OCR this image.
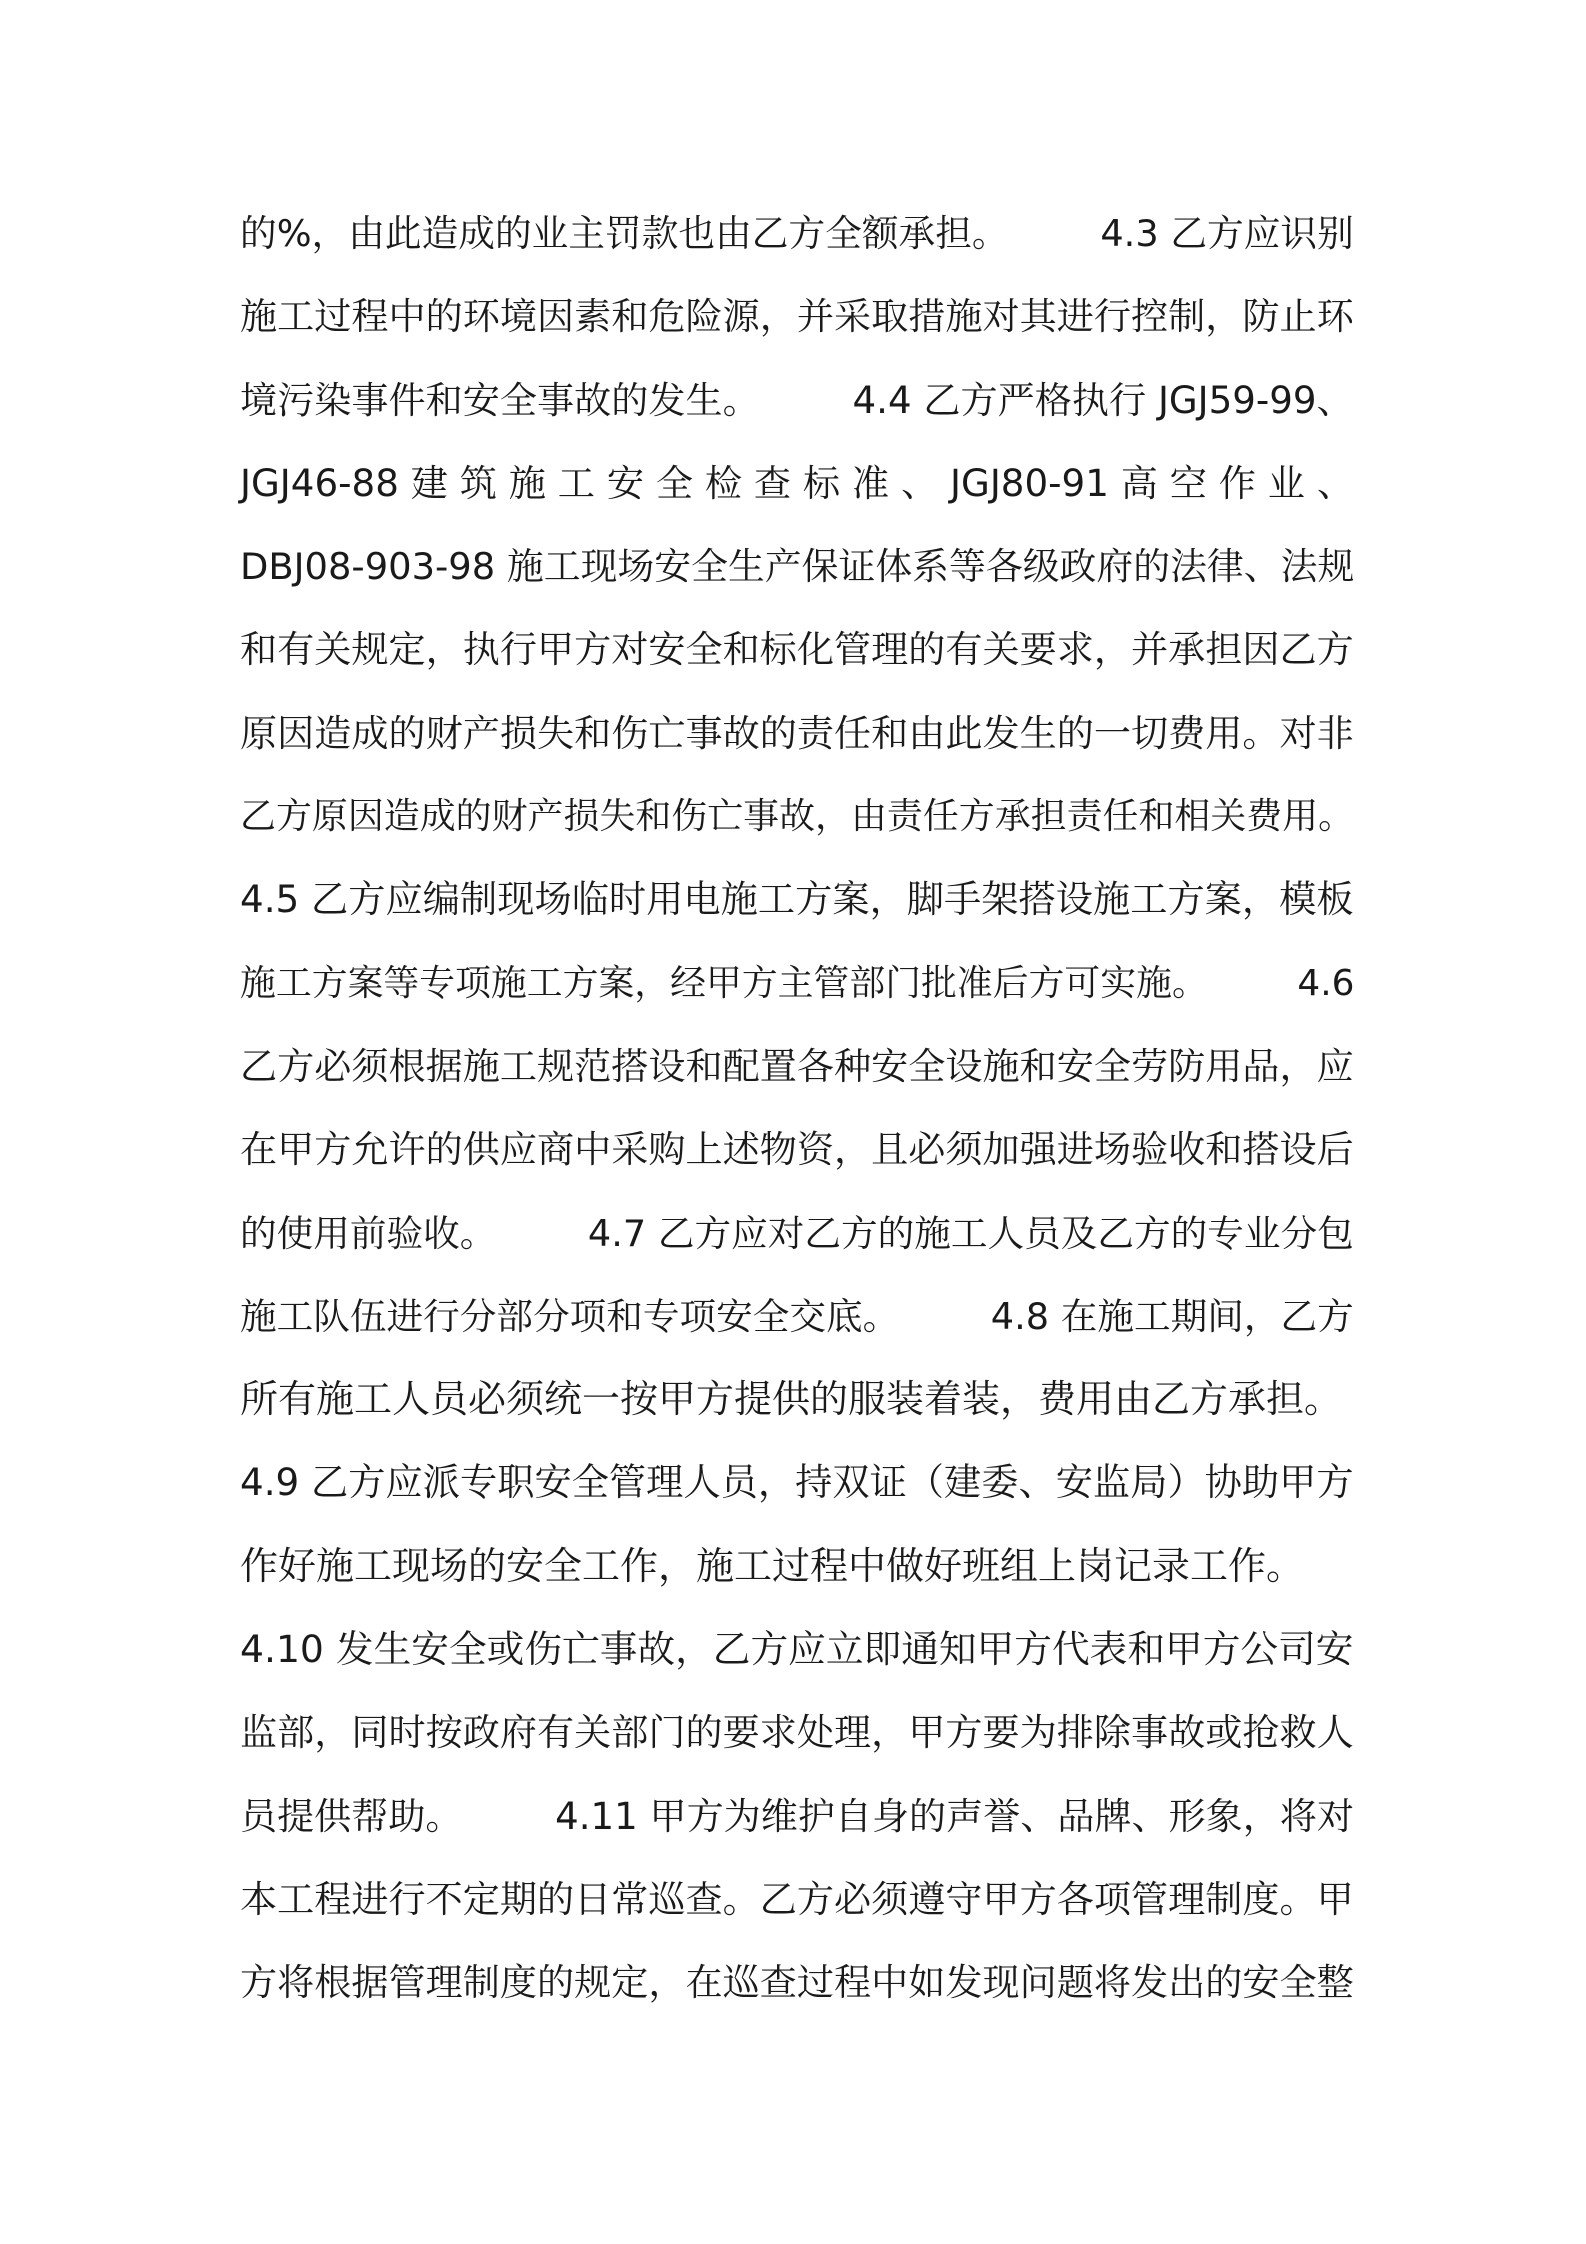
的%，由此造成的业主罚款也由乙方全额承担。　　　4.3 乙方应识别
施工过程中的环境因素和危险源，并采取措施对其进行控制，防止环
境污染事件和安全事故的发生。　　　4.4 乙方严格执行 JGJ59-99、
JGJ46-88 建 筑 施 工 安 全 检 查 标 准 、 JGJ80-91 高 空 作 业 、
DBJ08-903-98 施工现场安全生产保证体系等各级政府的法律、法规
和有关规定，执行甲方对安全和标化管理的有关要求，并承担因乙方
原因造成的财产损失和伤亡事故的责任和由此发生的一切费用。对非
乙方原因造成的财产损失和伤亡事故，由责任方承担责任和相关费用。
4.5 乙方应编制现场临时用电施工方案，脚手架搭设施工方案，模板
施工方案等专项施工方案，经甲方主管部门批准后方可实施。　　　4.6
乙方必须根据施工规范搭设和配置各种安全设施和安全劳防用品，应
在甲方允许的供应商中采购上述物资，且必须加强进场验收和搭设后
的使用前验收。　　　4.7 乙方应对乙方的施工人员及乙方的专业分包
施工队伍进行分部分项和专项安全交底。　　　4.8 在施工期间，乙方
所有施工人员必须统一按甲方提供的服装着装，费用由乙方承担。
4.9 乙方应派专职安全管理人员，持双证（建委、安监局）协助甲方
作好施工现场的安全工作，施工过程中做好班组上岗记录工作。
4.10 发生安全或伤亡事故，乙方应立即通知甲方代表和甲方公司安
监部，同时按政府有关部门的要求处理，甲方要为排除事故或抢救人
员提供帮助。　　　4.11 甲方为维护自身的声誉、品牌、形象，将对
本工程进行不定期的日常巡查。乙方必须遵守甲方各项管理制度。甲
方将根据管理制度的规定，在巡查过程中如发现问题将发出的安全整
